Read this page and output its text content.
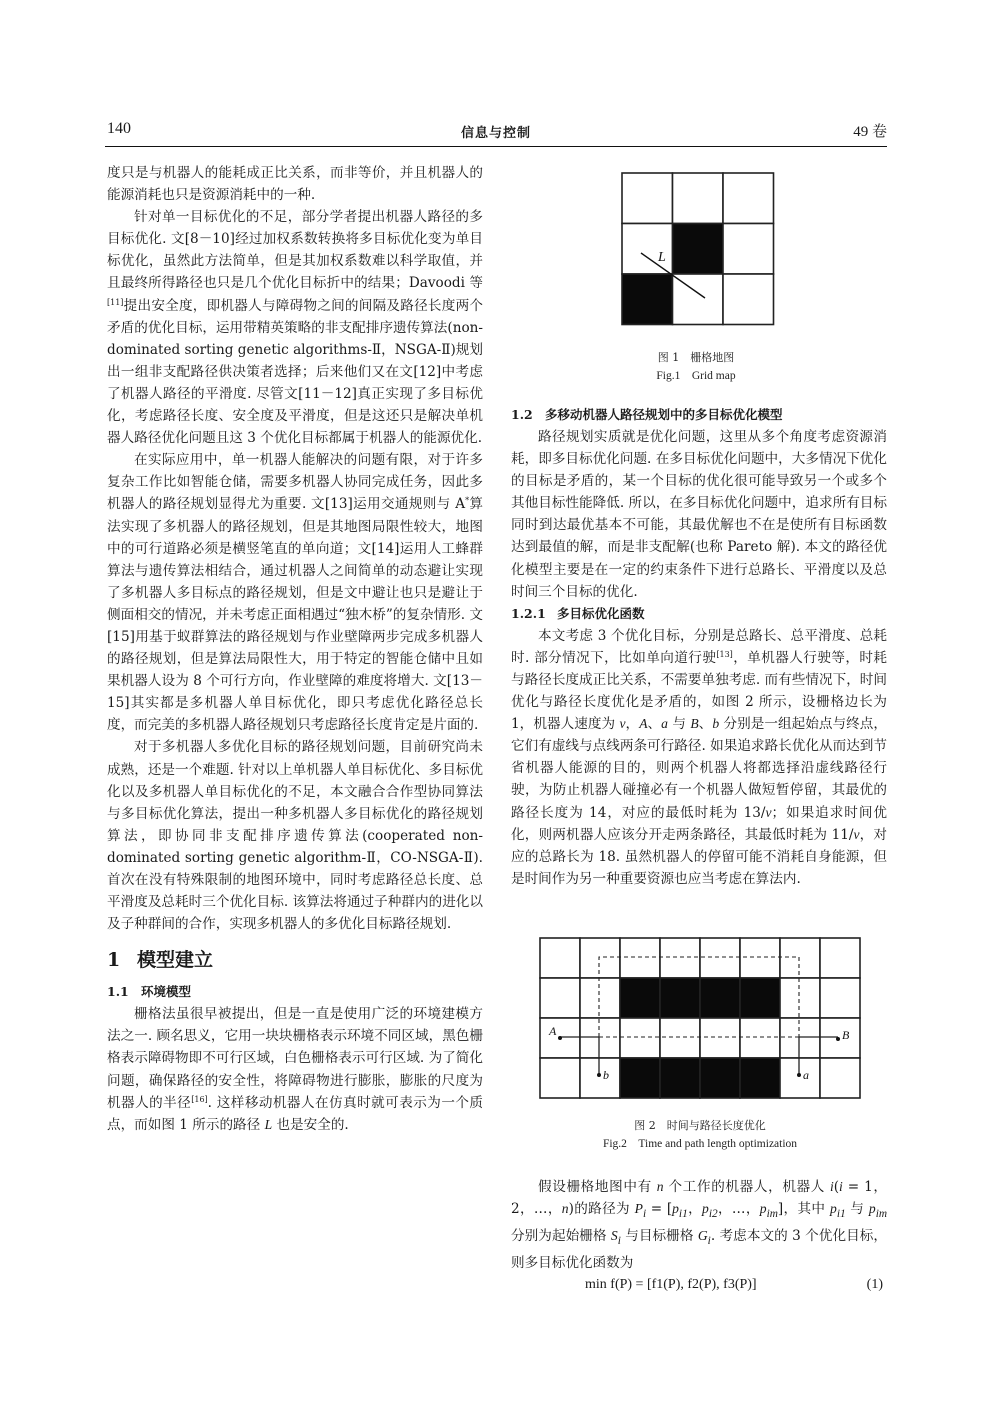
140	信息与控制	49 卷

度只是与机器人的能耗成正比关系，而非等价，并且机器人的能源消耗也只是资源消耗中的一种.

针对单一目标优化的不足，部分学者提出机器人路径的多目标优化. 文[8－10]经过加权系数转换将多目标优化变为单目标优化，虽然此方法简单，但是其加权系数难以科学取值，并且最终所得路径也只是几个优化目标折中的结果；Davoodi 等[11]提出安全度，即机器人与障碍物之间的间隔及路径长度两个矛盾的优化目标，运用带精英策略的非支配排序遗传算法(non-dominated sorting genetic algorithms-Ⅱ，NSGA-Ⅱ)规划出一组非支配路径供决策者选择；后来他们又在文[12]中考虑了机器人路径的平滑度. 尽管文[11－12]真正实现了多目标优化，考虑路径长度、安全度及平滑度，但是这还只是解决单机器人路径优化问题且这 3 个优化目标都属于机器人的能源优化.

在实际应用中，单一机器人能解决的问题有限，对于许多复杂工作比如智能仓储，需要多机器人协同完成任务，因此多机器人的路径规划显得尤为重要. 文[13]运用交通规则与 A*算法实现了多机器人的路径规划，但是其地图局限性较大，地图中的可行道路必须是横竖笔直的单向道；文[14]运用人工蜂群算法与遗传算法相结合，通过机器人之间简单的动态避让实现了多机器人多目标点的路径规划，但是文中避让也只是避让于侧面相交的情况，并未考虑正面相遇过“独木桥”的复杂情形. 文[15]用基于蚁群算法的路径规划与作业壁障两步完成多机器人的路径规划，但是算法局限性大，用于特定的智能仓储中且如果机器人设为 8 个可行方向，作业壁障的难度将增大. 文[13－15]其实都是多机器人单目标优化，即只考虑优化路径总长度，而完美的多机器人路径规划只考虑路径长度肯定是片面的.

对于多机器人多优化目标的路径规划问题，目前研究尚未成熟，还是一个难题. 针对以上单机器人单目标优化、多目标优化以及多机器人单目标优化的不足，本文融合合作型协同算法与多目标优化算法，提出一种多机器人多目标优化的路径规划算法，即协同非支配排序遗传算法(cooperated non-dominated sorting genetic algorithm-Ⅱ，CO-NSGA-Ⅱ). 首次在没有特殊限制的地图环境中，同时考虑路径总长度、总平滑度及总耗时三个优化目标. 该算法将通过子种群内的进化以及子种群间的合作，实现多机器人的多优化目标路径规划.

1 模型建立
1.1 环境模型

栅格法虽很早被提出，但是一直是使用广泛的环境建模方法之一. 顾名思义，它用一块块栅格表示环境不同区域，黑色栅格表示障碍物即不可行区域，白色栅格表示可行区域. 为了简化问题，确保路径的安全性，将障碍物进行膨胀，膨胀的尺度为机器人的半径[16]. 这样移动机器人在仿真时就可表示为一个质点，而如图 1 所示的路径 L 也是安全的.

L
图 1　栅格地图
Fig.1　Grid map
1.2 多移动机器人路径规划中的多目标优化模型

路径规划实质就是优化问题，这里从多个角度考虑资源消耗，即多目标优化问题. 在多目标优化问题中，大多情况下优化的目标是矛盾的，某一个目标的优化很可能导致另一个或多个其他目标性能降低. 所以，在多目标优化问题中，追求所有目标同时到达最优基本不可能，其最优解也不在是使所有目标函数达到最值的解，而是非支配解(也称 Pareto 解). 本文的路径优化模型主要是在一定的约束条件下进行总路长、平滑度以及总时间三个目标的优化.

1.2.1 多目标优化函数

本文考虑 3 个优化目标，分别是总路长、总平滑度、总耗时. 部分情况下，比如单向道行驶[13]，单机器人行驶等，时耗与路径长度成正比关系，不需要单独考虑. 而有些情况下，时间优化与路径长度优化是矛盾的，如图 2 所示，设栅格边长为1，机器人速度为 v，A、a 与 B、b 分别是一组起始点与终点，它们有虚线与点线两条可行路径. 如果追求路长优化从而达到节省机器人能源的目的，则两个机器人将都选择沿虚线路径行驶，为防止机器人碰撞必有一个机器人做短暂停留，其最优的路径长度为 14，对应的最低时耗为 13/v；如果追求时间优化，则两机器人应该分开走两条路径，其最低时耗为 11/v，对应的总路长为 18. 虽然机器人的停留可能不消耗自身能源，但是时间作为另一种重要资源也应当考虑在算法内.

A	B
b	a
图 2　时间与路径长度优化
Fig.2　Time and path length optimization

假设栅格地图中有 n 个工作的机器人，机器人 i(i = 1，2，…，n)的路径为 $P_i = [p_{i1}$，$p_{i2}$，…，$p_{im}$]，其中 $p_{i1}$ 与 $p_{im}$分别为起始栅格 $S_i$ 与目标栅格 $G_i$. 考虑本文的 3 个优化目标，则多目标优化函数为

min f(P) = [f1(P), f2(P), f3(P)]	(1)
